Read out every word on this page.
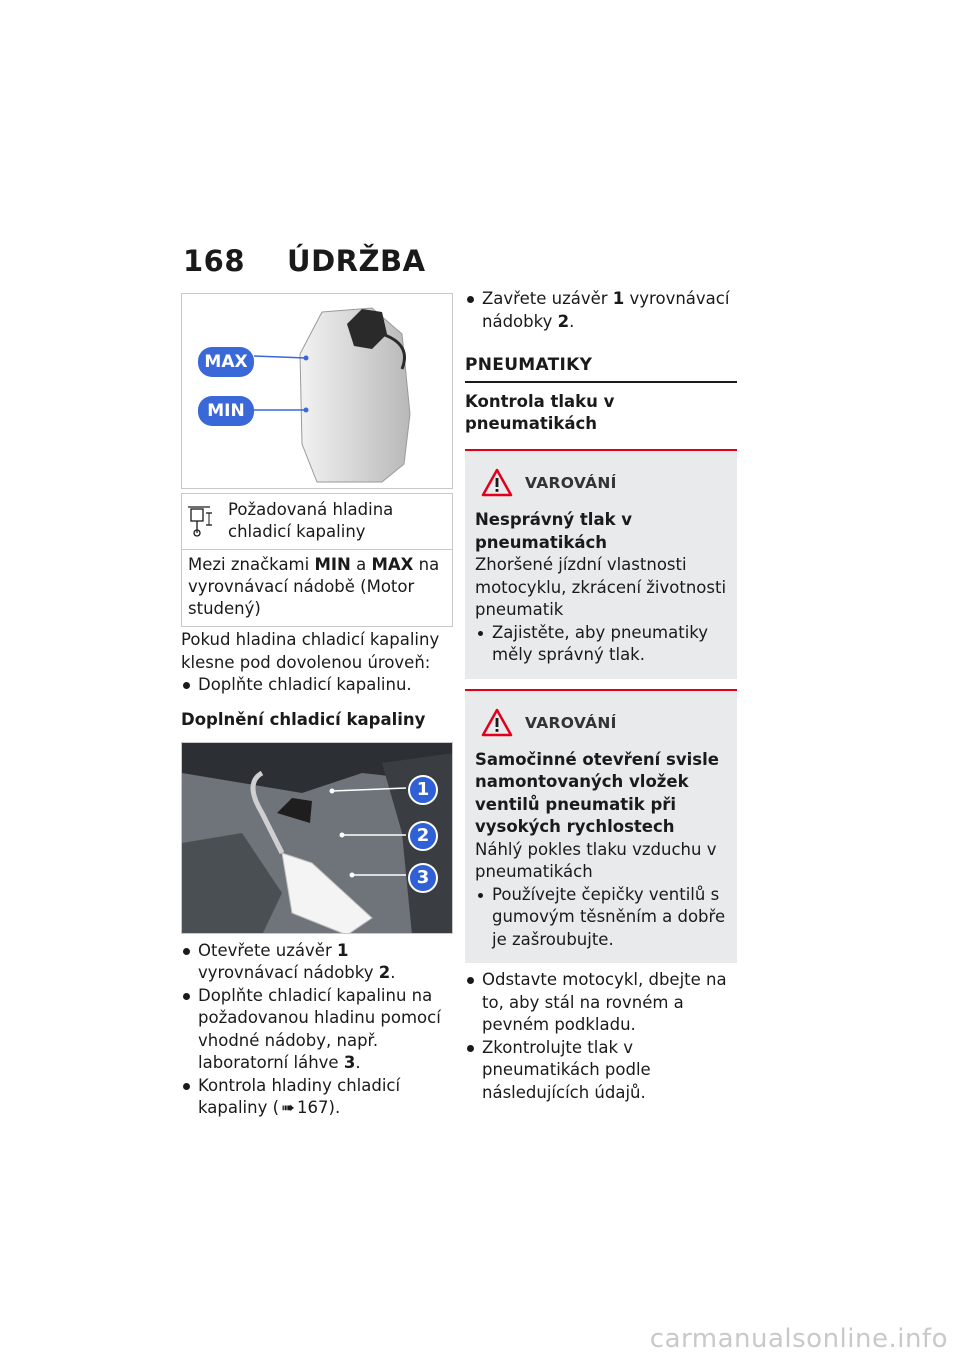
168 ÚDRŽBA
MAX
MIN
Požadovaná hladina chladicí kapaliny
Mezi značkami MIN a MAX na vyrovnávací nádobě (Motor studený)

Pokud hladina chladicí kapaliny klesne pod dovolenou úroveň:

Doplňte chladicí kapalinu.
Doplnění chladicí kapaliny
1
2
3
Otevřete uzávěr 1 vyrovnávací nádobky 2.
Doplňte chladicí kapalinu na požadovanou hladinu pomocí vhodné nádoby, např. laboratorní láhve 3.
Kontrola hladiny chladicí kapaliny ( ➠ 167).
Zavřete uzávěr 1 vyrovnávací nádobky 2.
PNEUMATIKY
Kontrola tlaku v pneumatikách
VAROVÁNÍ

Nesprávný tlak v pneumatikách

Zhoršené jízdní vlastnosti motocyklu, zkrácení životnosti pneumatik

Zajistěte, aby pneumatiky měly správný tlak.
VAROVÁNÍ

Samočinné otevření svisle namontovaných vložek ventilů pneumatik při vysokých rychlostech

Náhlý pokles tlaku vzduchu v pneumatikách

Používejte čepičky ventilů s gumovým těsněním a dobře je zašroubujte.
Odstavte motocykl, dbejte na to, aby stál na rovném a pevném podkladu.
Zkontrolujte tlak v pneumatikách podle následujících údajů.
carmanualsonline.info
